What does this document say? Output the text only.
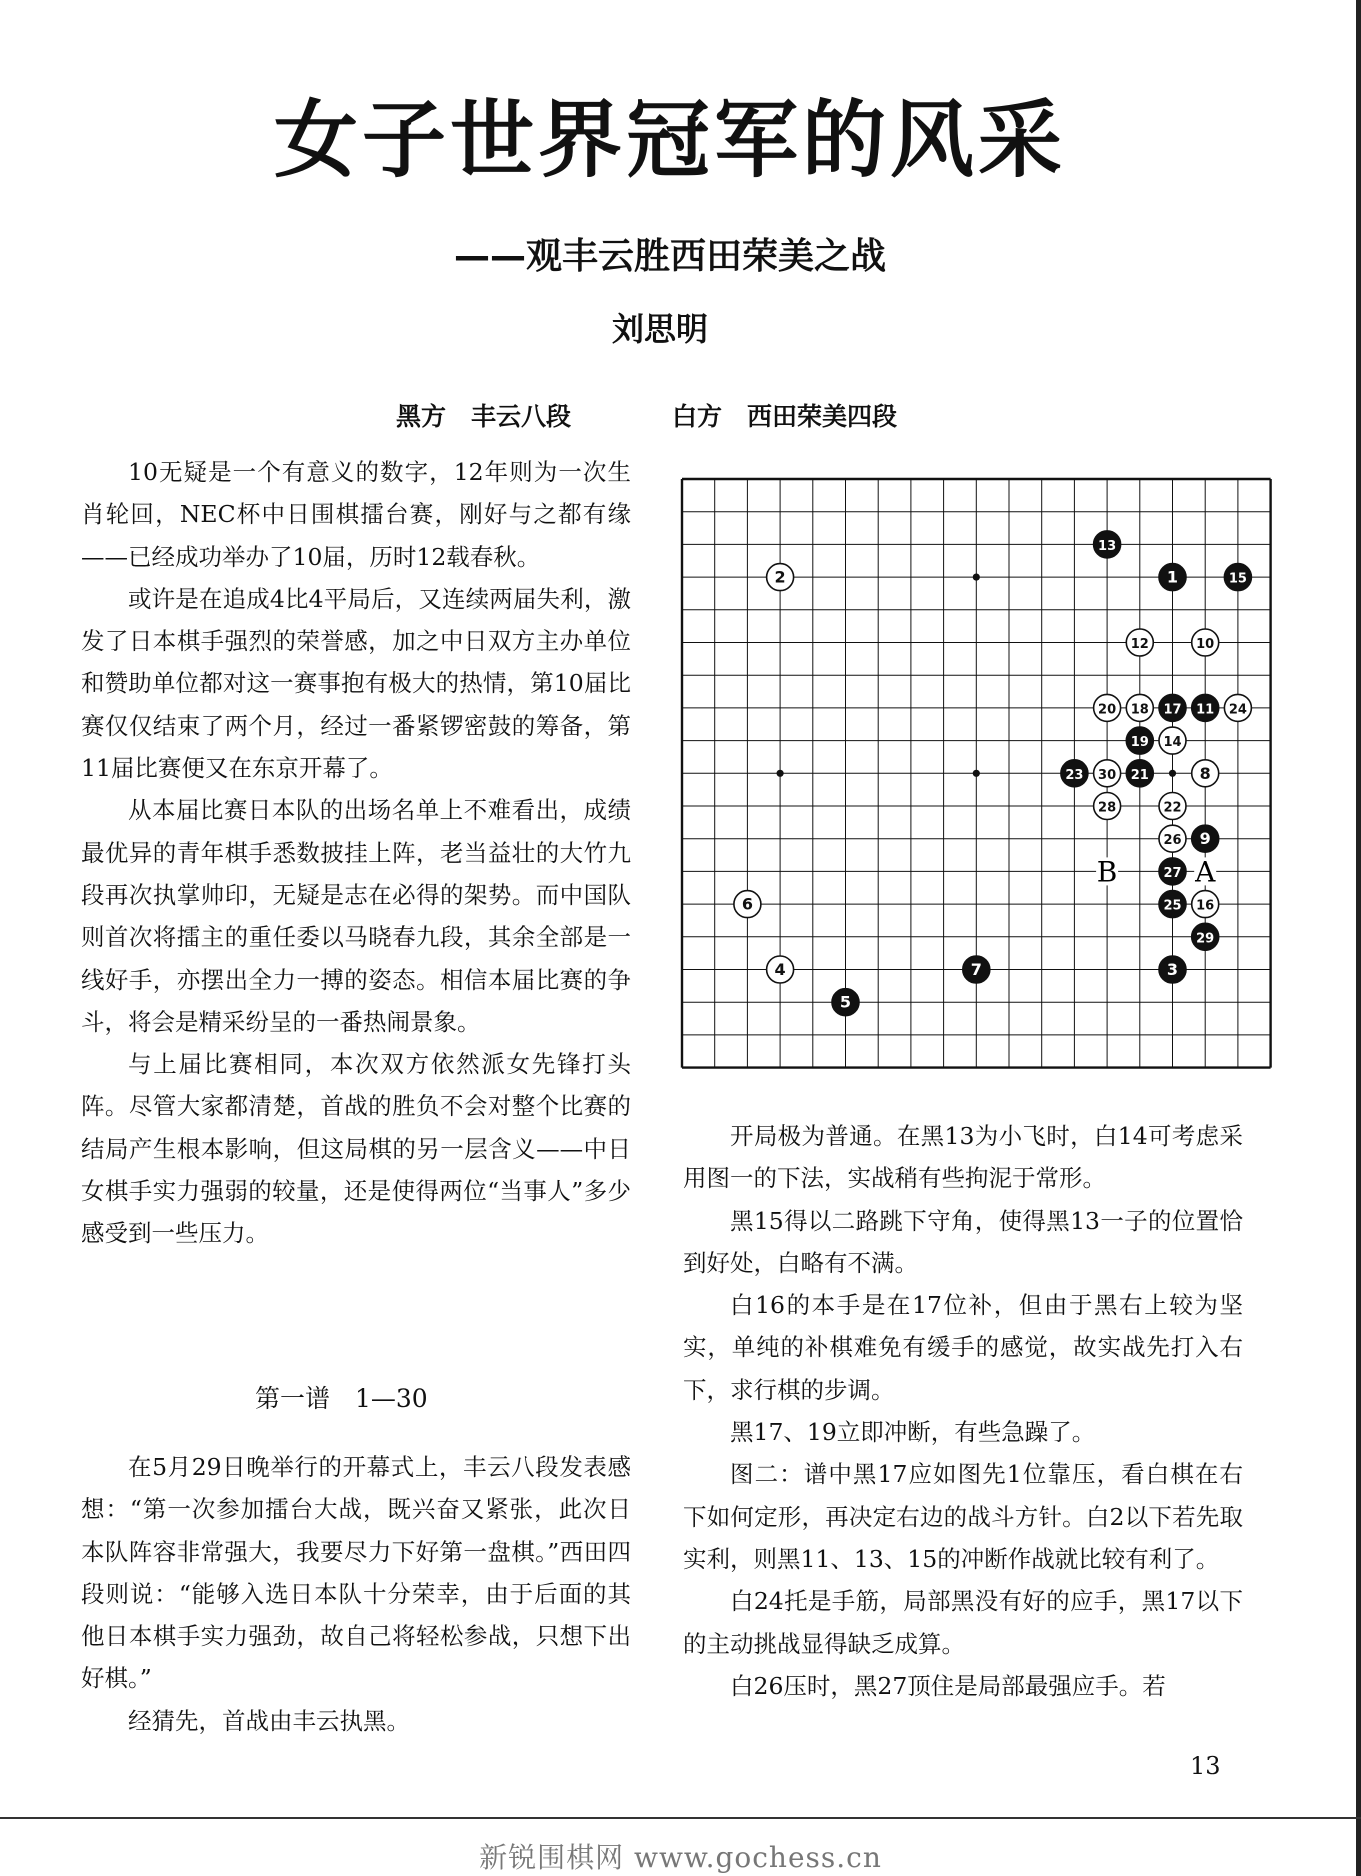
女子世界冠军的风采
——观丰云胜西田荣美之战
刘思明
黑方　丰云八段	白方　西田荣美四段

10无疑是一个有意义的数字，12年则为一次生肖轮回，NEC杯中日围棋擂台赛，刚好与之都有缘——已经成功举办了10届，历时12载春秋。

或许是在追成4比4平局后，又连续两届失利，激发了日本棋手强烈的荣誉感，加之中日双方主办单位和赞助单位都对这一赛事抱有极大的热情，第10届比赛仅仅结束了两个月，经过一番紧锣密鼓的筹备，第11届比赛便又在东京开幕了。

从本届比赛日本队的出场名单上不难看出，成绩最优异的青年棋手悉数披挂上阵，老当益壮的大竹九段再次执掌帅印，无疑是志在必得的架势。而中国队则首次将擂主的重任委以马晓春九段，其余全部是一线好手，亦摆出全力一搏的姿态。相信本届比赛的争斗，将会是精采纷呈的一番热闹景象。

与上届比赛相同，本次双方依然派女先锋打头阵。尽管大家都清楚，首战的胜负不会对整个比赛的结局产生根本影响，但这局棋的另一层含义——中日女棋手实力强弱的较量，还是使得两位“当事人”多少感受到一些压力。

第一谱　1—30

在5月29日晚举行的开幕式上，丰云八段发表感想：“第一次参加擂台大战，既兴奋又紧张，此次日本队阵容非常强大，我要尽力下好第一盘棋。”西田四段则说：“能够入选日本队十分荣幸，由于后面的其他日本棋手实力强劲，故自己将轻松参战，只想下出好棋。”

经猜先，首战由丰云执黑。

A
B
1
3
5
7
9
11
13
15
17
19
21
23
25
27
29
2
4
6
8
10
12
14
16
18
20
22
24
26
28
30

开局极为普通。在黑13为小飞时，白14可考虑采用图一的下法，实战稍有些拘泥于常形。

黑15得以二路跳下守角，使得黑13一子的位置恰到好处，白略有不满。

白16的本手是在17位补，但由于黑右上较为坚实，单纯的补棋难免有缓手的感觉，故实战先打入右下，求行棋的步调。

黑17、19立即冲断，有些急躁了。

图二：谱中黑17应如图先1位靠压，看白棋在右下如何定形，再决定右边的战斗方针。白2以下若先取实利，则黑11、13、15的冲断作战就比较有利了。

白24托是手筋，局部黑没有好的应手，黑17以下的主动挑战显得缺乏成算。

白26压时，黑27顶住是局部最强应手。若

13
新锐围棋网 www.gochess.cn
